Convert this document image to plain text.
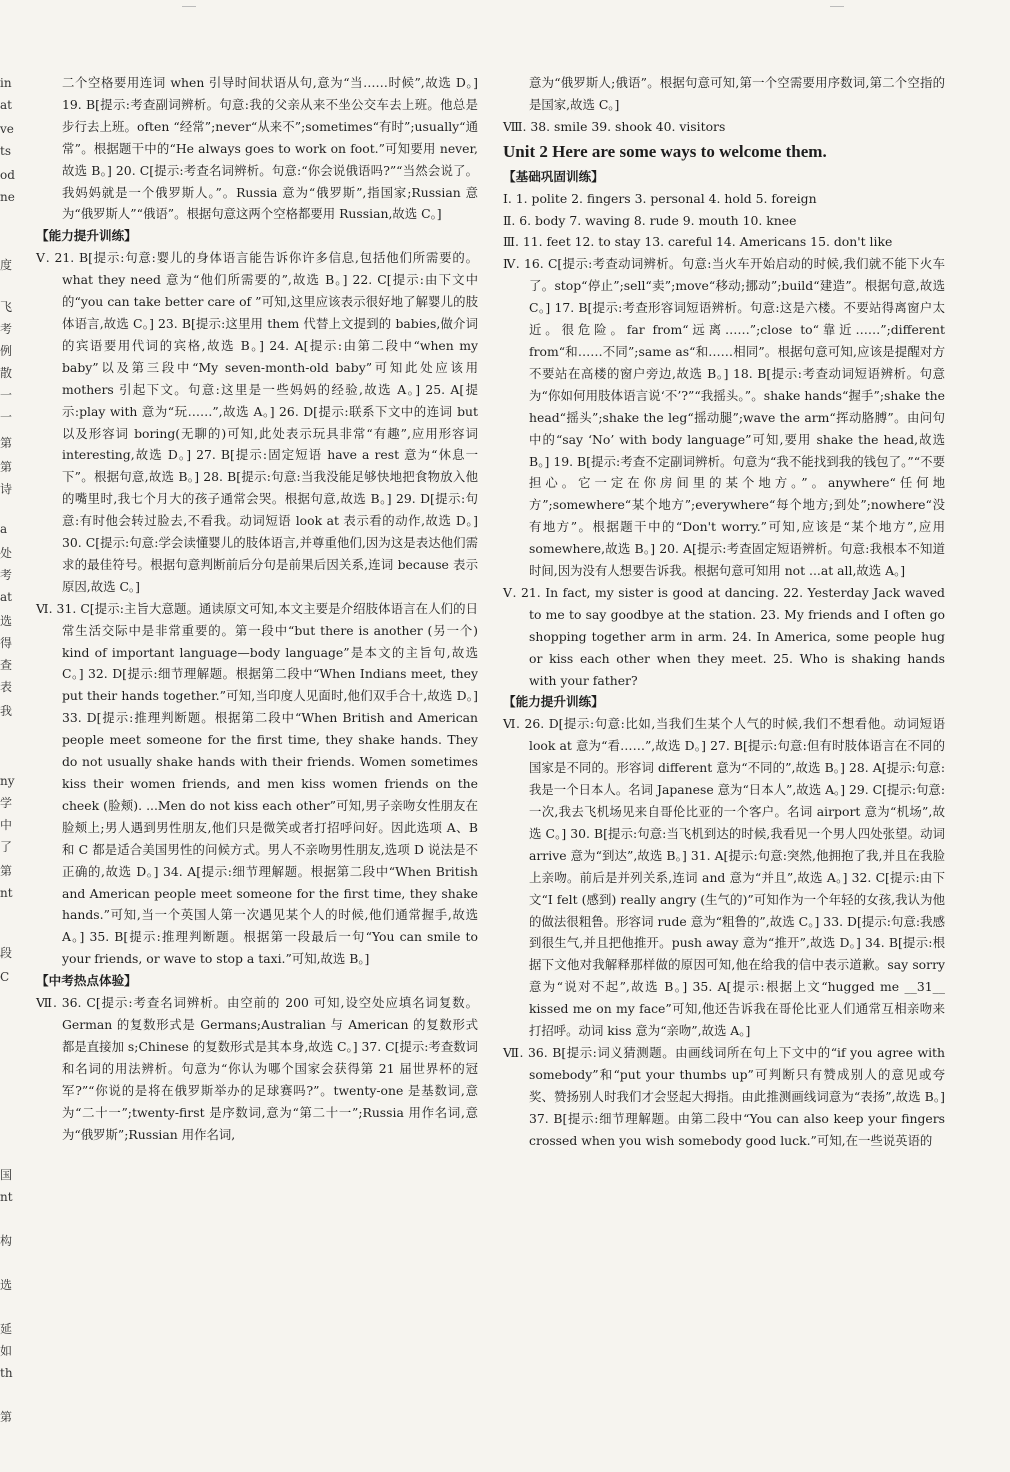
in
at
ve
ts
od
ne
度
飞
考
例
散
一
一
第
第
诗
a
处
考
at
选
得
查
表
我
ny
学
中
了
第
nt
段
C
国
nt
构
选
延
如
th
第
二个空格要用连词 when 引导时间状语从句,意为“当……时候”,故选 D。] 19. B[提示:考查副词辨析。句意:我的父亲从来不坐公交车去上班。他总是步行去上班。often “经常”;never“从来不”;sometimes“有时”;usually“通常”。根据题干中的“He always goes to work on foot.”可知要用 never,故选 B。] 20. C[提示:考查名词辨析。句意:“你会说俄语吗?”“当然会说了。我妈妈就是一个俄罗斯人。”。Russia 意为“俄罗斯”,指国家;Russian 意为“俄罗斯人”“俄语”。根据句意这两个空格都要用 Russian,故选 C。]
【能力提升训练】
Ⅴ. 21. B[提示:句意:婴儿的身体语言能告诉你许多信息,包括他们所需要的。what they need 意为“他们所需要的”,故选 B。] 22. C[提示:由下文中的“you can take better care of ”可知,这里应该表示很好地了解婴儿的肢体语言,故选 C。] 23. B[提示:这里用 them 代替上文提到的 babies,做介词的宾语要用代词的宾格,故选 B。] 24. A[提示:由第二段中“when my baby”以及第三段中“My seven-month-old baby”可知此处应该用 mothers 引起下文。句意:这里是一些妈妈的经验,故选 A。] 25. A[提示:play with 意为“玩……”,故选 A。] 26. D[提示:联系下文中的连词 but 以及形容词 boring(无聊的)可知,此处表示玩具非常“有趣”,应用形容词 interesting,故选 D。] 27. B[提示:固定短语 have a rest 意为“休息一下”。根据句意,故选 B。] 28. B[提示:句意:当我没能足够快地把食物放入他的嘴里时,我七个月大的孩子通常会哭。根据句意,故选 B。] 29. D[提示:句意:有时他会转过脸去,不看我。动词短语 look at 表示看的动作,故选 D。] 30. C[提示:句意:学会读懂婴儿的肢体语言,并尊重他们,因为这是表达他们需求的最佳符号。根据句意判断前后分句是前果后因关系,连词 because 表示原因,故选 C。]
Ⅵ. 31. C[提示:主旨大意题。通读原文可知,本文主要是介绍肢体语言在人们的日常生活交际中是非常重要的。第一段中“but there is another (另一个) kind of important language—body language”是本文的主旨句,故选 C。] 32. D[提示:细节理解题。根据第二段中“When Indians meet, they put their hands together.”可知,当印度人见面时,他们双手合十,故选 D。] 33. D[提示:推理判断题。根据第二段中“When British and American people meet someone for the first time, they shake hands. They do not usually shake hands with their friends. Women sometimes kiss their women friends, and men kiss women friends on the cheek (脸颊). ...Men do not kiss each other”可知,男子亲吻女性朋友在脸颊上;男人遇到男性朋友,他们只是微笑或者打招呼问好。因此选项 A、B 和 C 都是适合美国男性的问候方式。男人不亲吻男性朋友,选项 D 说法是不正确的,故选 D。] 34. A[提示:细节理解题。根据第二段中“When British and American people meet someone for the first time, they shake hands.”可知,当一个英国人第一次遇见某个人的时候,他们通常握手,故选 A。] 35. B[提示:推理判断题。根据第一段最后一句“You can smile to your friends, or wave to stop a taxi.”可知,故选 B。]
【中考热点体验】
Ⅶ. 36. C[提示:考查名词辨析。由空前的 200 可知,设空处应填名词复数。German 的复数形式是 Germans;Australian 与 American 的复数形式都是直接加 s;Chinese 的复数形式是其本身,故选 C。] 37. C[提示:考查数词和名词的用法辨析。句意为“你认为哪个国家会获得第 21 届世界杯的冠军?”“你说的是将在俄罗斯举办的足球赛吗?”。twenty-one 是基数词,意为“二十一”;twenty-first 是序数词,意为“第二十一”;Russia 用作名词,意为“俄罗斯”;Russian 用作名词,
意为“俄罗斯人;俄语”。根据句意可知,第一个空需要用序数词,第二个空指的是国家,故选 C。]
Ⅷ. 38. smile 39. shook 40. visitors
Unit 2 Here are some ways to welcome them.
【基础巩固训练】
Ⅰ. 1. polite 2. fingers 3. personal 4. hold 5. foreign
Ⅱ. 6. body 7. waving 8. rude 9. mouth 10. knee
Ⅲ. 11. feet 12. to stay 13. careful 14. Americans 15. don't like
Ⅳ. 16. C[提示:考查动词辨析。句意:当火车开始启动的时候,我们就不能下火车了。stop“停止”;sell“卖”;move“移动;挪动”;build“建造”。根据句意,故选 C。] 17. B[提示:考查形容词短语辨析。句意:这是六楼。不要站得离窗户太近。很危险。far from“远离……”;close to“靠近……”;different from“和……不同”;same as“和……相同”。根据句意可知,应该是提醒对方不要站在高楼的窗户旁边,故选 B。] 18. B[提示:考查动词短语辨析。句意为“你如何用肢体语言说‘不’?”“我摇头。”。shake hands“握手”;shake the head“摇头”;shake the leg“摇动腿”;wave the arm“挥动胳膊”。由问句中的“say ‘No’ with body language”可知,要用 shake the head,故选 B。] 19. B[提示:考查不定副词辨析。句意为“我不能找到我的钱包了。”“不要担心。它一定在你房间里的某个地方。”。anywhere“任何地方”;somewhere“某个地方”;everywhere“每个地方;到处”;nowhere“没有地方”。根据题干中的“Don't worry.”可知,应该是“某个地方”,应用 somewhere,故选 B。] 20. A[提示:考查固定短语辨析。句意:我根本不知道时间,因为没有人想要告诉我。根据句意可知用 not ...at all,故选 A。]
Ⅴ. 21. In fact, my sister is good at dancing. 22. Yesterday Jack waved to me to say goodbye at the station. 23. My friends and I often go shopping together arm in arm. 24. In America, some people hug or kiss each other when they meet. 25. Who is shaking hands with your father?
【能力提升训练】
Ⅵ. 26. D[提示:句意:比如,当我们生某个人气的时候,我们不想看他。动词短语 look at 意为“看……”,故选 D。] 27. B[提示:句意:但有时肢体语言在不同的国家是不同的。形容词 different 意为“不同的”,故选 B。] 28. A[提示:句意:我是一个日本人。名词 Japanese 意为“日本人”,故选 A。] 29. C[提示:句意:一次,我去飞机场见来自哥伦比亚的一个客户。名词 airport 意为“机场”,故选 C。] 30. B[提示:句意:当飞机到达的时候,我看见一个男人四处张望。动词 arrive 意为“到达”,故选 B。] 31. A[提示:句意:突然,他拥抱了我,并且在我脸上亲吻。前后是并列关系,连词 and 意为“并且”,故选 A。] 32. C[提示:由下文“I felt (感到) really angry (生气的)”可知作为一个年轻的女孩,我认为他的做法很粗鲁。形容词 rude 意为“粗鲁的”,故选 C。] 33. D[提示:句意:我感到很生气,并且把他推开。push away 意为“推开”,故选 D。] 34. B[提示:根据下文他对我解释那样做的原因可知,他在给我的信中表示道歉。say sorry 意为“说对不起”,故选 B。] 35. A[提示:根据上文“hugged me __31__ kissed me on my face”可知,他还告诉我在哥伦比亚人们通常互相亲吻来打招呼。动词 kiss 意为“亲吻”,故选 A。]
Ⅶ. 36. B[提示:词义猜测题。由画线词所在句上下文中的“if you agree with somebody”和“put your thumbs up”可判断只有赞成别人的意见或夸奖、赞扬别人时我们才会竖起大拇指。由此推测画线词意为“表扬”,故选 B。] 37. B[提示:细节理解题。由第二段中“You can also keep your fingers crossed when you wish somebody good luck.”可知,在一些说英语的
